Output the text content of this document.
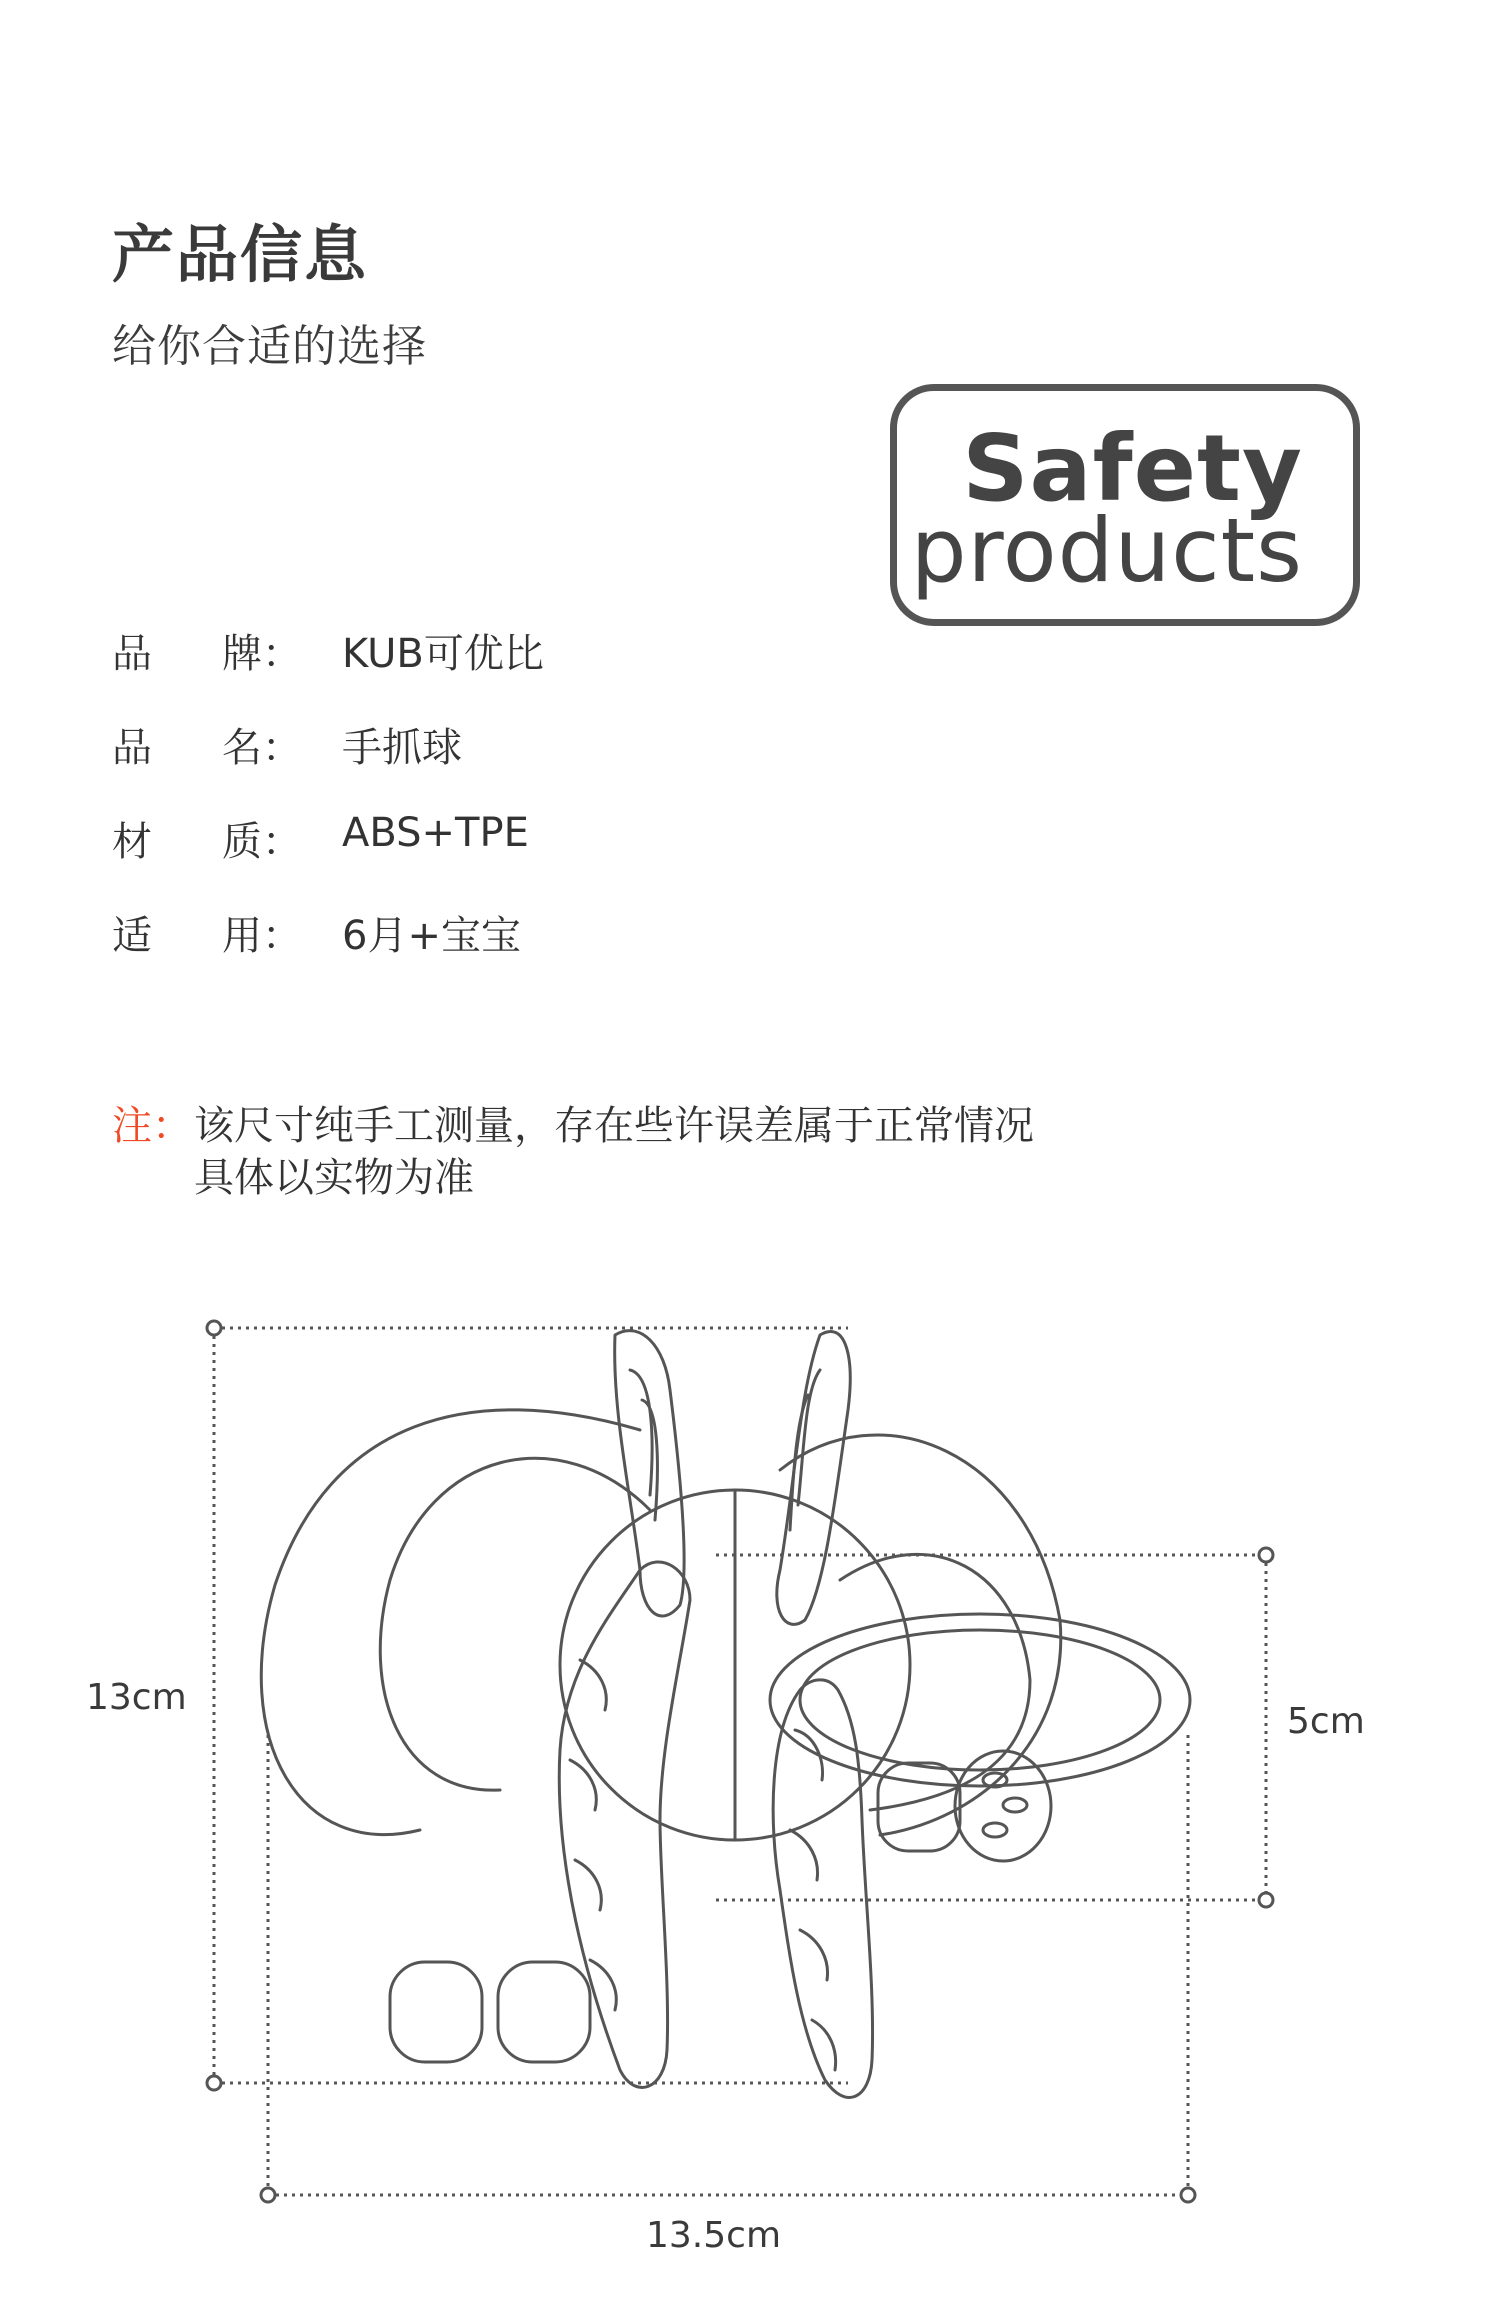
产品信息
给你合适的选择
Safety
products
品 牌： KUB可优比
品 名： 手抓球
材 质： ABS+TPE
适 用： 6月+宝宝
注： 该尺寸纯手工测量，存在些许误差属于正常情况
具体以实物为准
13cm
13.5cm
5cm
